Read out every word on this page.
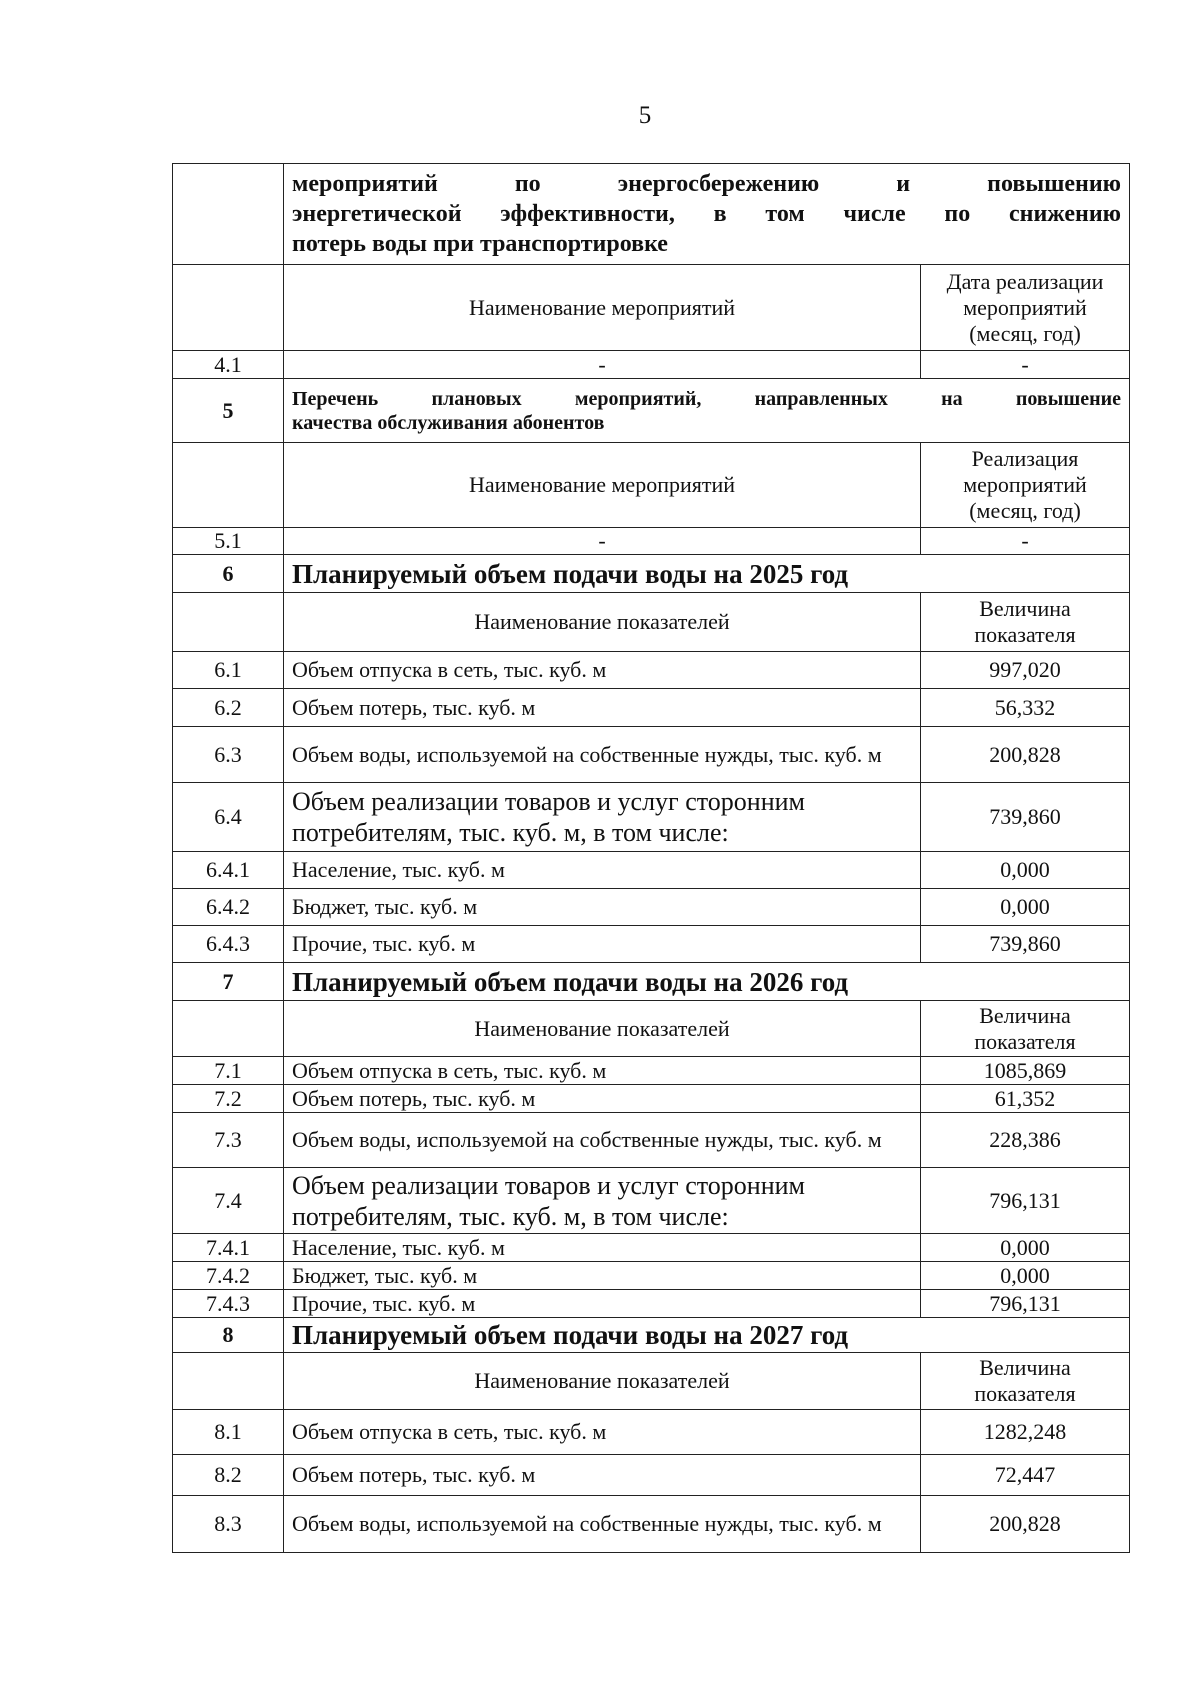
5
	мероприятий по энергосбережению и повышению
энергетической эффективности, в том числе по снижению
потерь воды при транспортировке	

	Наименование мероприятий	Дата реализации мероприятий (месяц, год)
4.1	-	-
5	Перечень плановых мероприятий, направленных на повышение
качества обслуживания абонентов	

	Наименование мероприятий	Реализация мероприятий (месяц, год)
5.1	-	-
6	Планируемый объем подачи воды на 2025 год	
	Наименование показателей	Величина показателя
6.1	Объем отпуска в сеть, тыс. куб. м	997,020
6.2	Объем потерь, тыс. куб. м	56,332
6.3	Объем воды, используемой на собственные нужды, тыс. куб. м	200,828
6.4	Объем реализации товаров и услуг сторонним потребителям, тыс. куб. м, в том числе:	739,860
6.4.1	Население, тыс. куб. м	0,000
6.4.2	Бюджет, тыс. куб. м	0,000
6.4.3	Прочие, тыс. куб. м	739,860
7	Планируемый объем подачи воды на 2026 год	
	Наименование показателей	Величина показателя
7.1	Объем отпуска в сеть, тыс. куб. м	1085,869
7.2	Объем потерь, тыс. куб. м	61,352
7.3	Объем воды, используемой на собственные нужды, тыс. куб. м	228,386
7.4	Объем реализации товаров и услуг сторонним потребителям, тыс. куб. м, в том числе:	796,131
7.4.1	Население, тыс. куб. м	0,000
7.4.2	Бюджет, тыс. куб. м	0,000
7.4.3	Прочие, тыс. куб. м	796,131
8	Планируемый объем подачи воды на 2027 год	
	Наименование показателей	Величина показателя
8.1	Объем отпуска в сеть, тыс. куб. м	1282,248
8.2	Объем потерь, тыс. куб. м	72,447
8.3	Объем воды, используемой на собственные нужды, тыс. куб. м	200,828
